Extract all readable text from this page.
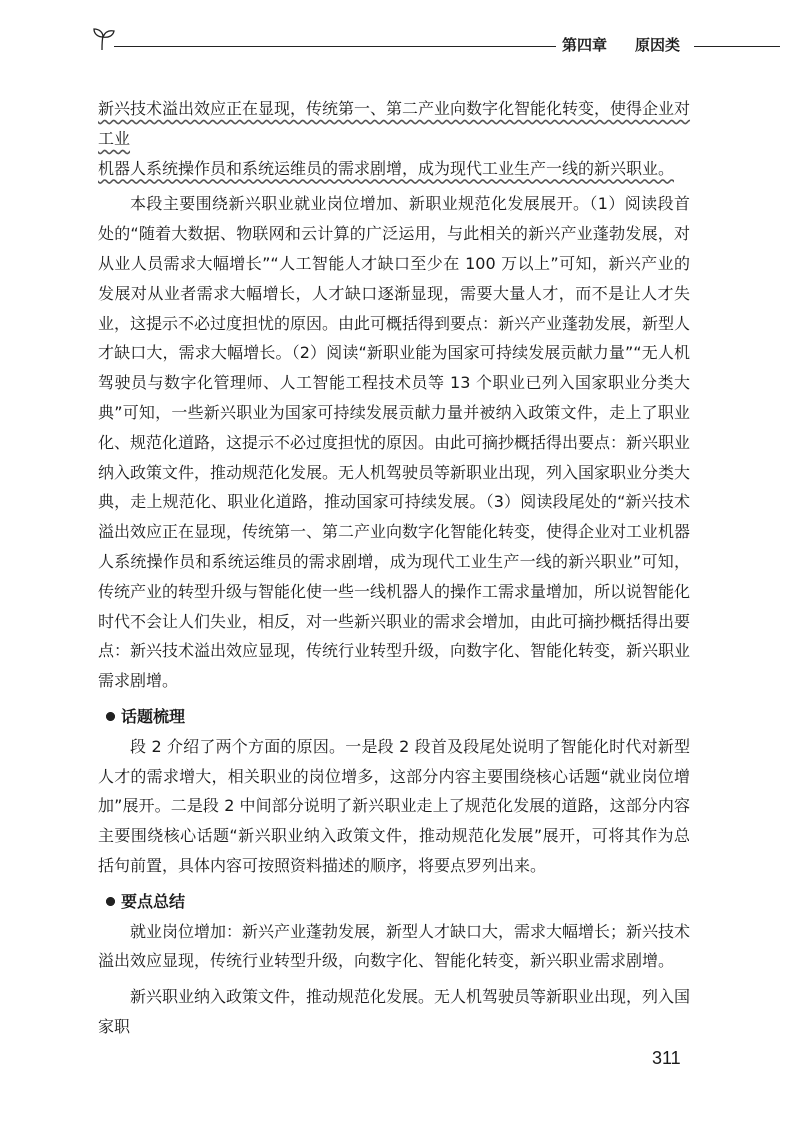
第四章 原因类

新兴技术溢出效应正在显现，传统第一、第二产业向数字化智能化转变，使得企业对工业

机器人系统操作员和系统运维员的需求剧增，成为现代工业生产一线的新兴职业。

本段主要围绕新兴职业就业岗位增加、新职业规范化发展展开。（1）阅读段首处的“随着大数据、物联网和云计算的广泛运用，与此相关的新兴产业蓬勃发展，对从业人员需求大幅增长”“人工智能人才缺口至少在 100 万以上”可知，新兴产业的发展对从业者需求大幅增长，人才缺口逐渐显现，需要大量人才，而不是让人才失业，这提示不必过度担忧的原因。由此可概括得到要点：新兴产业蓬勃发展，新型人才缺口大，需求大幅增长。（2）阅读“新职业能为国家可持续发展贡献力量”“无人机驾驶员与数字化管理师、人工智能工程技术员等 13 个职业已列入国家职业分类大典”可知，一些新兴职业为国家可持续发展贡献力量并被纳入政策文件，走上了职业化、规范化道路，这提示不必过度担忧的原因。由此可摘抄概括得出要点：新兴职业纳入政策文件，推动规范化发展。无人机驾驶员等新职业出现，列入国家职业分类大典，走上规范化、职业化道路，推动国家可持续发展。（3）阅读段尾处的“新兴技术溢出效应正在显现，传统第一、第二产业向数字化智能化转变，使得企业对工业机器人系统操作员和系统运维员的需求剧增，成为现代工业生产一线的新兴职业”可知，传统产业的转型升级与智能化使一些一线机器人的操作工需求量增加，所以说智能化时代不会让人们失业，相反，对一些新兴职业的需求会增加，由此可摘抄概括得出要点：新兴技术溢出效应显现，传统行业转型升级，向数字化、智能化转变，新兴职业需求剧增。

话题梳理

段 2 介绍了两个方面的原因。一是段 2 段首及段尾处说明了智能化时代对新型人才的需求增大，相关职业的岗位增多，这部分内容主要围绕核心话题“就业岗位增加”展开。二是段 2 中间部分说明了新兴职业走上了规范化发展的道路，这部分内容主要围绕核心话题“新兴职业纳入政策文件，推动规范化发展”展开，可将其作为总括句前置，具体内容可按照资料描述的顺序，将要点罗列出来。

要点总结

就业岗位增加：新兴产业蓬勃发展，新型人才缺口大，需求大幅增长；新兴技术溢出效应显现，传统行业转型升级，向数字化、智能化转变，新兴职业需求剧增。

新兴职业纳入政策文件，推动规范化发展。无人机驾驶员等新职业出现，列入国家职

311
